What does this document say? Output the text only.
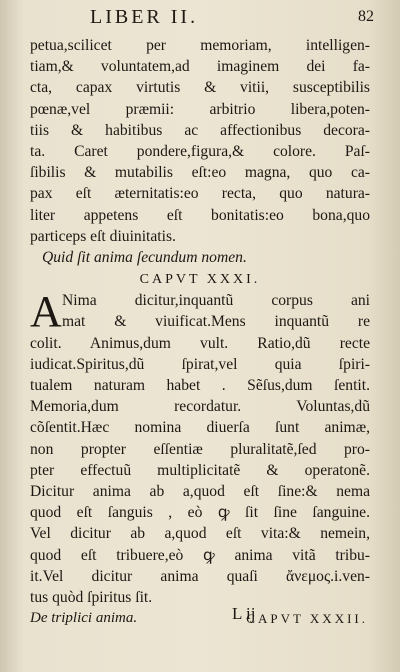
LIBER II.	82
petua,scilicet per memoriam, intelligen-
tiam,& voluntatem,ad imaginem dei fa-
cta, capax virtutis & vitii, susceptibilis
pœnæ,vel præmii: arbitrio libera,poten-
tiis & habitibus ac affectionibus decora-
ta. Caret pondere,figura,& colore. Paſ-
ſibilis & mutabilis eſt:eo magna, quo ca-
pax eſt æternitatis:eo recta, quo natura-
liter appetens eſt bonitatis:eo bona,quo
particeps eſt diuinitatis.
Quid ſit anima ſecundum nomen.
CAPVT XXXI.
A Nima dicitur,inquantũ corpus ani
mat & viuificat.Mens inquantũ re
colit. Animus,dum vult. Ratio,dũ recte
iudicat.Spiritus,dũ ſpirat,vel quia ſpiri-
tualem naturam habet . Sẽſus,dum ſentit.
Memoria,dum recordatur. Voluntas,dũ
cõſentit.Hæc nomina diuerſa ſunt animæ,
non propter eſſentiæ pluralitatẽ,ſed pro-
pter effectuũ multiplicitatẽ & operatonẽ.
Dicitur anima ab a,quod eſt ſine:& nema
quod eſt ſanguis , eò ꝙ ſit ſine ſanguine.
Vel dicitur ab a,quod eſt vita:& nemein,
quod eſt tribuere,eò ꝙ anima vitã tribu-
it.Vel dicitur anima quaſi ἄνεμος.i.ven-
tus quòd ſpiritus ſit.
De triplici anima.	CAPVT XXXII.
L ij
